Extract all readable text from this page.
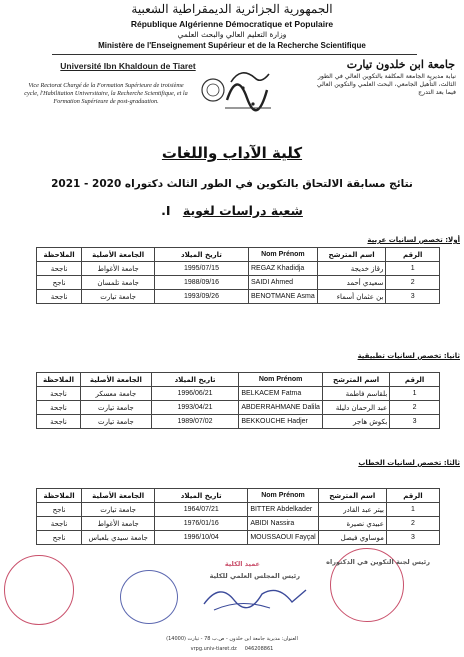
الجمهورية الجزائرية الديمقراطية الشعبية
République Algérienne Démocratique et Populaire
وزارة التعليم العالي والبحث العلمي
Ministère de l'Enseignement Supérieur et de la Recherche Scientifique
Université Ibn Khaldoun de Tiaret	جامعة ابن خلدون تيارت
Vice Rectorat Chargé de la Formation Supérieure de troisième cycle, l'Habilitation Universitaire, la Recherche Scientifique, et la Formation Supérieure de post-graduation.
نيابة مديرية الجامعة المكلفة بالتكوين العالي في الطور الثالث، التأهيل الجامعي، البحث العلمي والتكوين العالي فيما بعد التدرج
كلية الآداب واللغات
نتائج مسابقة الالتحاق بالتكوين في الطور الثالث دكتوراه 2020 - 2021
شعبة دراسات لغوية I.
أولا: تخصص لسانيات عربية
الملاحظة	الجامعة الأصلية	تاريخ الميلاد	Nom Prénom	اسم المترشح	الرقم
ناجحة	جامعة الأغواط	1995/07/15	REGAZ Khadidja	رقاز خديجة	1
ناجح	جامعة تلمسان	1988/09/16	SAIDI Ahmed	سعيدي أحمد	2
ناجحة	جامعة تيارت	1993/09/26	BENOTMANE Asma	بن عثمان أسماء	3
ثانيا: تخصص لسانيات تطبيقية
الملاحظة	الجامعة الأصلية	تاريخ الميلاد	Nom Prénom	اسم المترشح	الرقم
ناجحة	جامعة معسكر	1996/06/21	BELKACEM Fatma	بلقاسم فاطمة	1
ناجحة	جامعة تيارت	1993/04/21	ABDERRAHMANE Dalila	عبد الرحمان دليلة	2
ناجحة	جامعة تيارت	1989/07/02	BEKKOUCHE Hadjer	بكوش هاجر	3
ثالثا: تخصص لسانيات الخطاب
الملاحظة	الجامعة الأصلية	تاريخ الميلاد	Nom Prénom	اسم المترشح	الرقم
ناجح	جامعة تيارت	1964/07/21	BITTER Abdelkader	بيتر عبد القادر	1
ناجحة	جامعة الأغواط	1976/01/16	ABIDI Nassira	عبيدي نصيرة	2
ناجح	جامعة سيدي بلعباس	1996/10/04	MOUSSAOUI Fayçal	موساوي فيصل	3
عميد الكلية
رئيس المجلس العلمي للكلية
رئيس لجنة التكوين في الدكتوراه
العنوان: مديرية جامعة ابن خلدون - ص.ب 78 - تيارت (14000)
vrpg.univ-tiaret.dz 046208861
